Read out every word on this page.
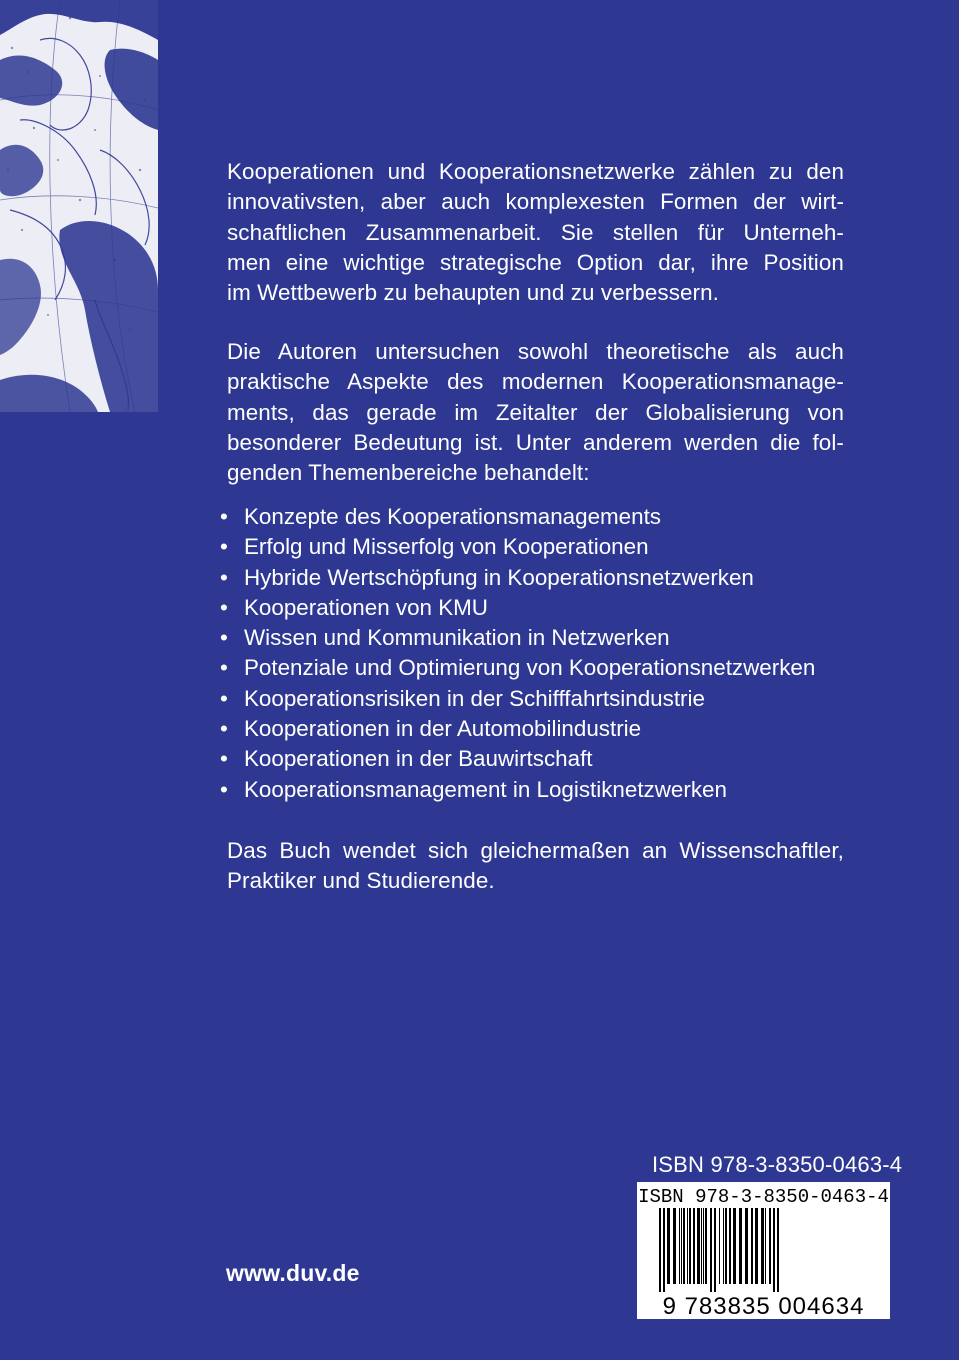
Kooperationen und Kooperationsnetzwerke zählen zu den
innovativsten, aber auch komplexesten Formen der wirt-
schaftlichen Zusammenarbeit. Sie stellen für Unterneh-
men eine wichtige strategische Option dar, ihre Position
im Wettbewerb zu behaupten und zu verbessern.
Die Autoren untersuchen sowohl theoretische als auch
praktische Aspekte des modernen Kooperationsmanage-
ments, das gerade im Zeitalter der Globalisierung von
besonderer Bedeutung ist. Unter anderem werden die fol-
genden Themenbereiche behandelt:
• Konzepte des Kooperationsmanagements
• Erfolg und Misserfolg von Kooperationen
• Hybride Wertschöpfung in Kooperationsnetzwerken
• Kooperationen von KMU
• Wissen und Kommunikation in Netzwerken
• Potenziale und Optimierung von Kooperationsnetzwerken
• Kooperationsrisiken in der Schifffahrtsindustrie
• Kooperationen in der Automobilindustrie
• Kooperationen in der Bauwirtschaft
• Kooperationsmanagement in Logistiknetzwerken
Das Buch wendet sich gleichermaßen an Wissenschaftler,
Praktiker und Studierende.
ISBN 978-3-8350-0463-4
ISBN 978-3-8350-0463-4
9 783835 004634
www.duv.de
